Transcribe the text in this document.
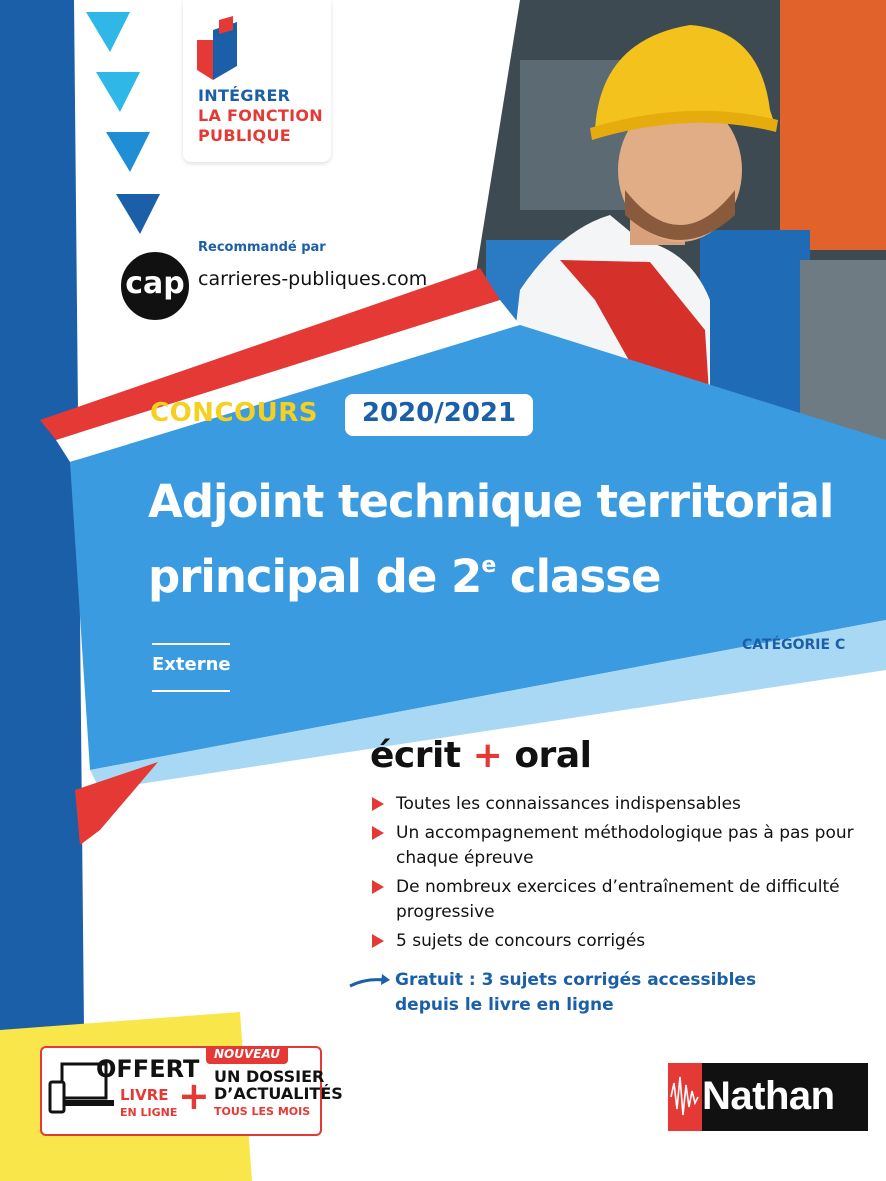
INTÉGRER
LA FONCTION
PUBLIQUE
Recommandé par
cap carrieres-publiques.com
CONCOURS	2020/2021
Adjoint technique territorial
principal de 2e classe
Externe
CATÉGORIE C
écrit + oral
Toutes les connaissances indispensables
Un accompagnement méthodologique pas à pas pour chaque épreuve
De nombreux exercices d’entraînement de difficulté progressive
5 sujets de concours corrigés
Gratuit : 3 sujets corrigés accessibles depuis le livre en ligne
OFFERT
LIVRE
EN LIGNE +
NOUVEAU
UN DOSSIER
D’ACTUALITÉS
TOUS LES MOIS	Nathan
